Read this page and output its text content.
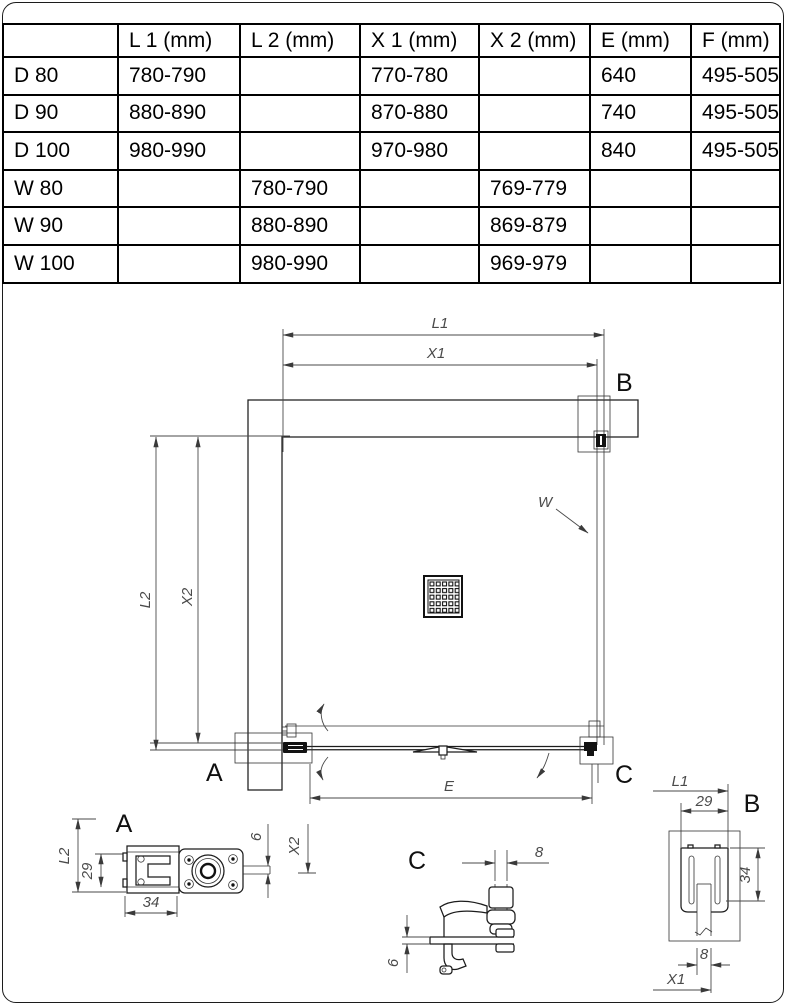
	L 1 (mm)	L 2 (mm)	X 1 (mm)	X 2 (mm)	E (mm)	F (mm)
D 80	780-790		770-780		640	495-505
D 90	880-890		870-880		740	495-505
D 100	980-990		970-980		840	495-505
W 80		780-790		769-779		
W 90		880-890		869-879		
W 100		980-990		969-979		
L1
X1
L2 X2
B
W
A	C
E
A
L2
29
6 X2
34
C	8
6
B
L1
29
34
8
X1
